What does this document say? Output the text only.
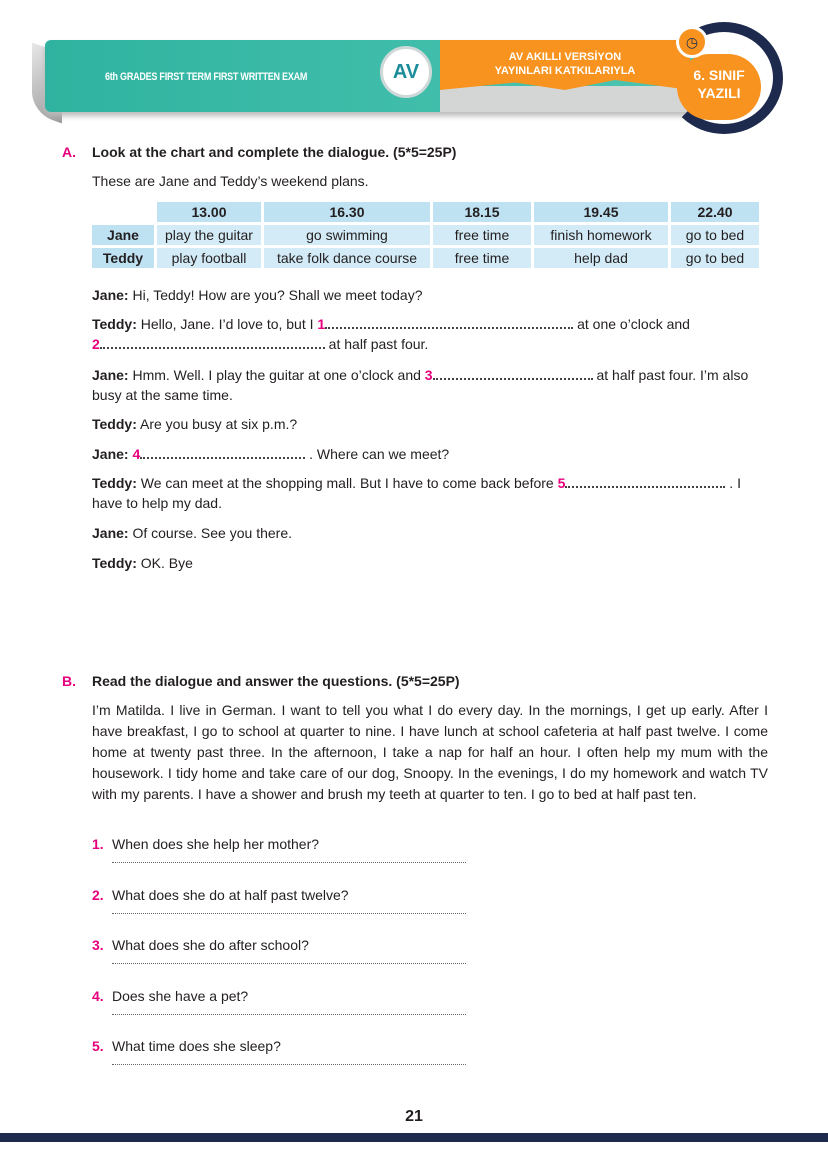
6th GRADES FIRST TERM FIRST WRITTEN EXAM	AV
AV AKILLI VERSİYON
YAYINLARI KATKILARIYLA	6. SINIF
YAZILI
◷
A. Look at the chart and complete the dialogue. (5*5=25P)
These are Jane and Teddy’s weekend plans.
	13.00	16.30	18.15	19.45	22.40
Jane	play the guitar	go swimming	free time	finish homework	go to bed
Teddy	play football	take folk dance course	free time	help dad	go to bed
Jane: Hi, Teddy! How are you? Shall we meet today?
Teddy: Hello, Jane. I’d love to, but I 1	at one o’clock and
2	at half past four.
Jane: Hmm. Well. I play the guitar at one o’clock and 3	at half past four. I’m also busy at the same time.
Teddy: Are you busy at six p.m.?
Jane: 4	. Where can we meet?
Teddy: We can meet at the shopping mall. But I have to come back before 5	. I have to help my dad.
Jane: Of course. See you there.
Teddy: OK. Bye
B. Read the dialogue and answer the questions. (5*5=25P)
I’m Matilda. I live in German. I want to tell you what I do every day. In the mornings, I get up early. After I have breakfast, I go to school at quarter to nine. I have lunch at school cafeteria at half past twelve. I come home at twenty past three. In the afternoon, I take a nap for half an hour. I often help my mum with the housework. I tidy home and take care of our dog, Snoopy. In the evenings, I do my homework and watch TV with my parents. I have a shower and brush my teeth at quarter to ten. I go to bed at half past ten.
1. When does she help her mother?
2. What does she do at half past twelve?
3. What does she do after school?
4. Does she have a pet?
5. What time does she sleep?
21
